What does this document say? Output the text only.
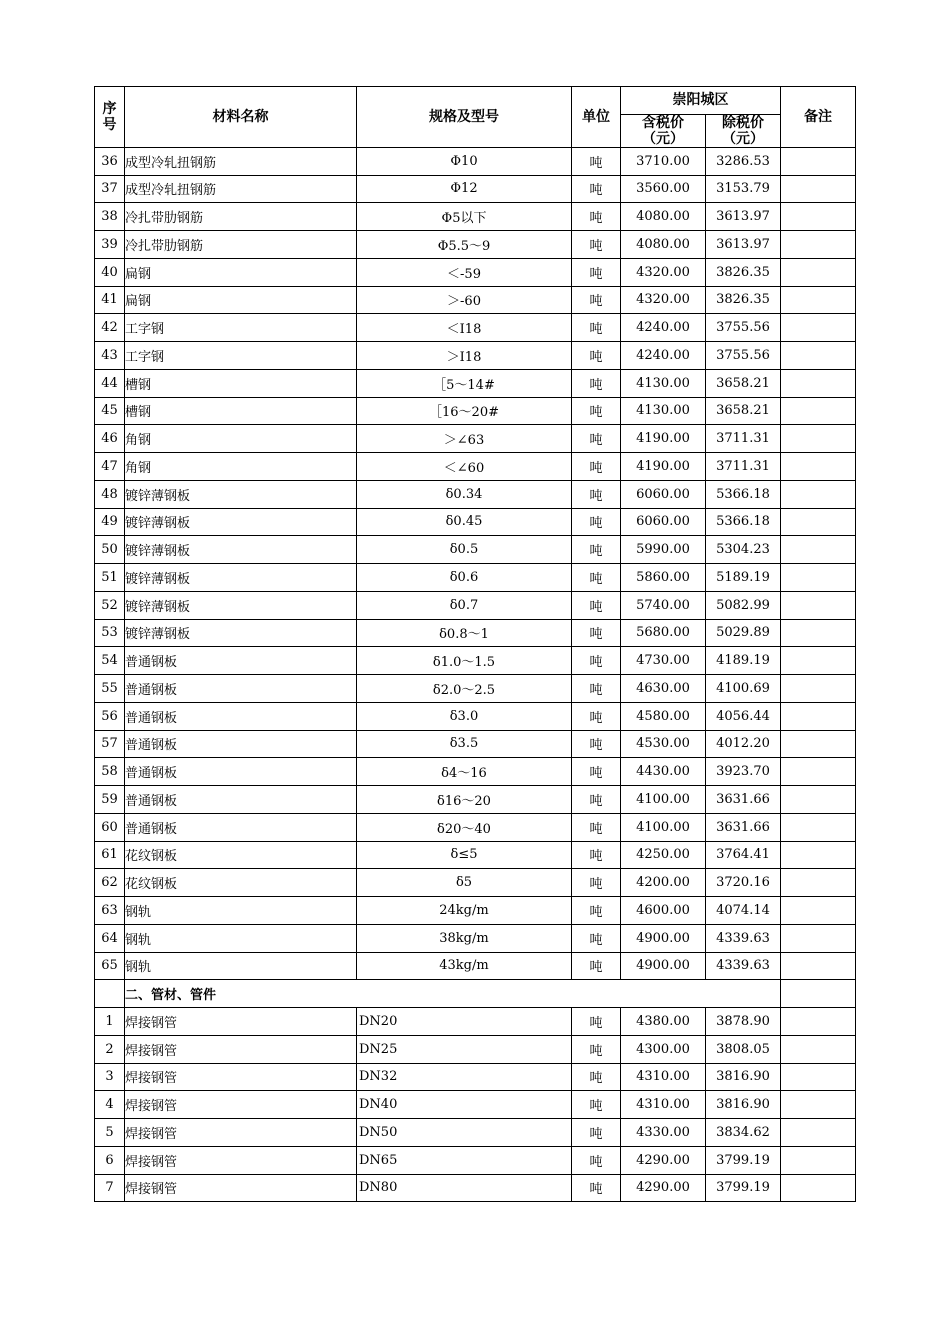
序号	材料名称	规格及型号	单位	崇阳城区		备注
				含税价（元）	除税价（元）	
36	成型冷轧扭钢筋	Φ10	吨	3710.00	3286.53	
37	成型冷轧扭钢筋	Φ12	吨	3560.00	3153.79	
38	冷扎带肋钢筋	Φ5以下	吨	4080.00	3613.97	
39	冷扎带肋钢筋	Φ5.5～9	吨	4080.00	3613.97	
40	扁钢	＜-59	吨	4320.00	3826.35	
41	扁钢	＞-60	吨	4320.00	3826.35	
42	工字钢	＜Ⅰ18	吨	4240.00	3755.56	
43	工字钢	＞Ⅰ18	吨	4240.00	3755.56	
44	槽钢	［5～14#	吨	4130.00	3658.21	
45	槽钢	［16～20#	吨	4130.00	3658.21	
46	角钢	＞∠63	吨	4190.00	3711.31	
47	角钢	＜∠60	吨	4190.00	3711.31	
48	镀锌薄钢板	δ0.34	吨	6060.00	5366.18	
49	镀锌薄钢板	δ0.45	吨	6060.00	5366.18	
50	镀锌薄钢板	δ0.5	吨	5990.00	5304.23	
51	镀锌薄钢板	δ0.6	吨	5860.00	5189.19	
52	镀锌薄钢板	δ0.7	吨	5740.00	5082.99	
53	镀锌薄钢板	δ0.8～1	吨	5680.00	5029.89	
54	普通钢板	δ1.0～1.5	吨	4730.00	4189.19	
55	普通钢板	δ2.0～2.5	吨	4630.00	4100.69	
56	普通钢板	δ3.0	吨	4580.00	4056.44	
57	普通钢板	δ3.5	吨	4530.00	4012.20	
58	普通钢板	δ4～16	吨	4430.00	3923.70	
59	普通钢板	δ16～20	吨	4100.00	3631.66	
60	普通钢板	δ20～40	吨	4100.00	3631.66	
61	花纹钢板	δ≤5	吨	4250.00	3764.41	
62	花纹钢板	δ5	吨	4200.00	3720.16	
63	钢轨	24kg/m	吨	4600.00	4074.14	
64	钢轨	38kg/m	吨	4900.00	4339.63	
65	钢轨	43kg/m	吨	4900.00	4339.63	
	二、管材、管件					
1	焊接钢管	DN20	吨	4380.00	3878.90	
2	焊接钢管	DN25	吨	4300.00	3808.05	
3	焊接钢管	DN32	吨	4310.00	3816.90	
4	焊接钢管	DN40	吨	4310.00	3816.90	
5	焊接钢管	DN50	吨	4330.00	3834.62	
6	焊接钢管	DN65	吨	4290.00	3799.19	
7	焊接钢管	DN80	吨	4290.00	3799.19	
